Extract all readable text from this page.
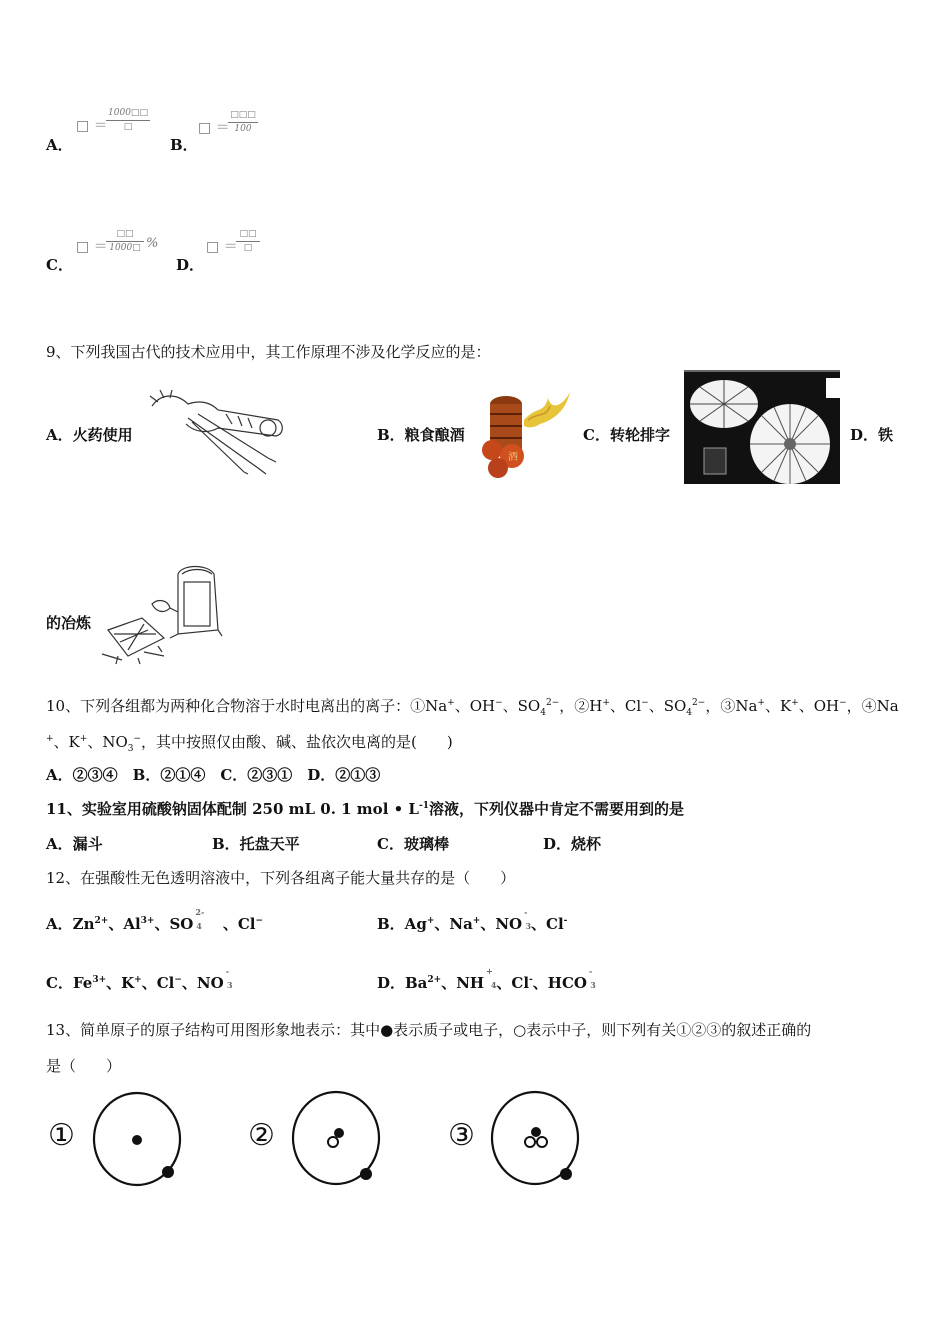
□ ＝
1000□□
□
A．
□ ＝
□□□
100
B．
□ ＝
□□
1000□ %
C．
□ ＝
□□
□
D．
9、下列我国古代的技术应用中，其工作原理不涉及化学反应的是：
A．火药使用	B．粮食酿酒
酒
C．转轮排字	D．铁
的冶炼
10、下列各组都为两种化合物溶于水时电离出的离子：①Na+、OH−、$SO_4^{2-}$，②H+、Cl−、$SO_4^{2-}$，③Na+、K+、OH−，④Na
+、K+、$NO_3^-$，其中按照仅由酸、碱、盐依次电离的是(　　)
A．②③④　B．②①④　C．②③①　D．②①③
11、实验室用硫酸钠固体配制 250 mL 0. 1 mol • $L^{-1}$溶液，下列仪器中肯定不需要用到的是
A．漏斗	B．托盘天平	C．玻璃棒	D．烧杯
12、在强酸性无色透明溶液中，下列各组离子能大量共存的是（　　）
A．$Zn^{2+}$、$Al^{3+}$、$SO^{2-}4$　 、Cl−	B．Ag+、Na+、NO-3、Cl-
C．$Fe^{3+}$、K+、Cl−、NO-3	D．$Ba^{2+}$、NH+4、Cl-、HCO-3
13、简单原子的原子结构可用图形象地表示：其中●表示质子或电子，○表示中子，则下列有关①②③的叙述正确的
是（　　）
①	②	③
